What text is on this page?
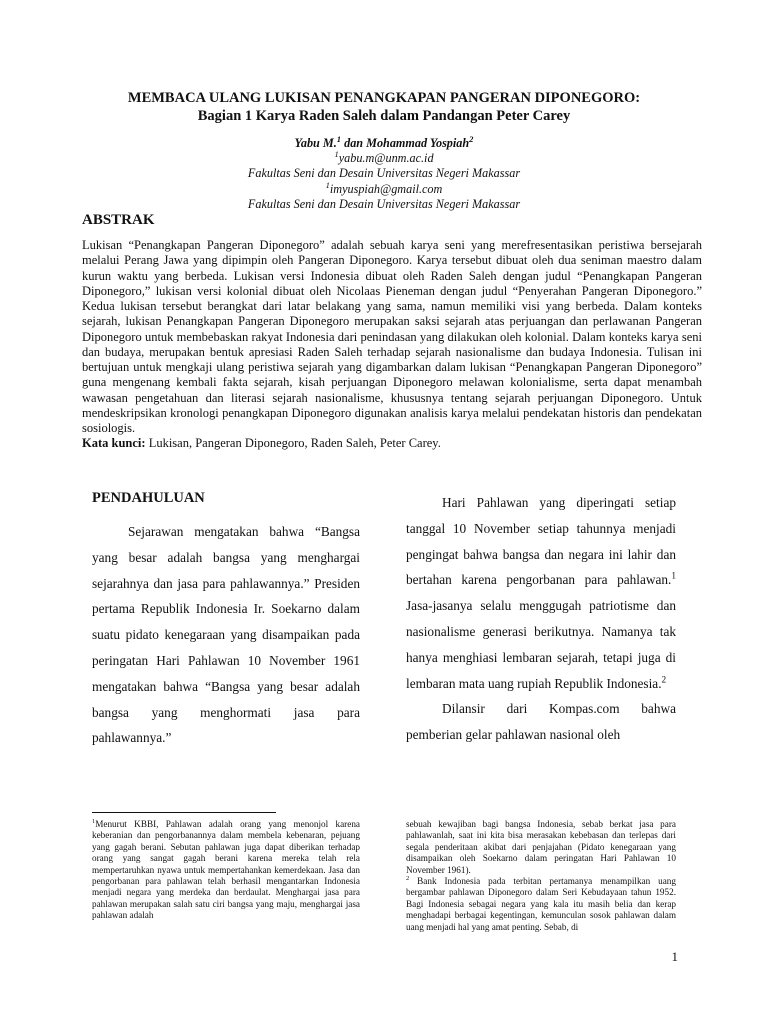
MEMBACA ULANG LUKISAN PENANGKAPAN PANGERAN DIPONEGORO:
Bagian 1 Karya Raden Saleh dalam Pandangan Peter Carey
Yabu M.$^1$ dan Mohammad Yospiah$^2$
$^1$yabu.m@unm.ac.id
Fakultas Seni dan Desain Universitas Negeri Makassar
$^1$imyuspiah@gmail.com
Fakultas Seni dan Desain Universitas Negeri Makassar
ABSTRAK

Lukisan “Penangkapan Pangeran Diponegoro” adalah sebuah karya seni yang merefresentasikan peristiwa bersejarah melalui Perang Jawa yang dipimpin oleh Pangeran Diponegoro. Karya tersebut dibuat oleh dua seniman maestro dalam kurun waktu yang berbeda. Lukisan versi Indonesia dibuat oleh Raden Saleh dengan judul “Penangkapan Pangeran Diponegoro,” lukisan versi kolonial dibuat oleh Nicolaas Pieneman dengan judul “Penyerahan Pangeran Diponegoro.” Kedua lukisan tersebut berangkat dari latar belakang yang sama, namun memiliki visi yang berbeda. Dalam konteks sejarah, lukisan Penangkapan Pangeran Diponegoro merupakan saksi sejarah atas perjuangan dan perlawanan Pangeran Diponegoro untuk membebaskan rakyat Indonesia dari penindasan yang dilakukan oleh kolonial. Dalam konteks karya seni dan budaya, merupakan bentuk apresiasi Raden Saleh terhadap sejarah nasionalisme dan budaya Indonesia. Tulisan ini bertujuan untuk mengkaji ulang peristiwa sejarah yang digambarkan dalam lukisan “Penangkapan Pangeran Diponegoro” guna mengenang kembali fakta sejarah, kisah perjuangan Diponegoro melawan kolonialisme, serta dapat menambah wawasan pengetahuan dan literasi sejarah nasionalisme, khususnya tentang sejarah perjuangan Diponegoro. Untuk mendeskripsikan kronologi penangkapan Diponegoro digunakan analisis karya melalui pendekatan historis dan pendekatan sosiologis.

Kata kunci: Lukisan, Pangeran Diponegoro, Raden Saleh, Peter Carey.

PENDAHULUAN

Sejarawan mengatakan bahwa “Bangsa yang besar adalah bangsa yang menghargai sejarahnya dan jasa para pahlawannya.” Presiden pertama Republik Indonesia Ir. Soekarno dalam suatu pidato kenegaraan yang disampaikan pada peringatan Hari Pahlawan 10 November 1961 mengatakan bahwa “Bangsa yang besar adalah bangsa yang menghormati jasa para pahlawannya.”

Hari Pahlawan yang diperingati setiap tanggal 10 November setiap tahunnya menjadi pengingat bahwa bangsa dan negara ini lahir dan bertahan karena pengorbanan para pahlawan.$^1$ Jasa-jasanya selalu menggugah patriotisme dan nasionalisme generasi berikutnya. Namanya tak hanya menghiasi lembaran sejarah, tetapi juga di lembaran mata uang rupiah Republik Indonesia.$^2$

Dilansir dari Kompas.com bahwa pemberian gelar pahlawan nasional oleh

$^1$Menurut KBBI, Pahlawan adalah orang yang menonjol karena keberanian dan pengorbanannya dalam membela kebenaran, pejuang yang gagah berani. Sebutan pahlawan juga dapat diberikan terhadap orang yang sangat gagah berani karena mereka telah rela mempertaruhkan nyawa untuk mempertahankan kemerdekaan. Jasa dan pengorbanan para pahlawan telah berhasil mengantarkan Indonesia menjadi negara yang merdeka dan berdaulat. Menghargai jasa para pahlawan merupakan salah satu ciri bangsa yang maju, menghargai jasa pahlawan adalah

sebuah kewajiban bagi bangsa Indonesia, sebab berkat jasa para pahlawanlah, saat ini kita bisa merasakan kebebasan dan terlepas dari segala penderitaan akibat dari penjajahan (Pidato kenegaraan yang disampaikan oleh Soekarno dalam peringatan Hari Pahlawan 10 November 1961).

$^2$ Bank Indonesia pada terbitan pertamanya menampilkan uang bergambar pahlawan Diponegoro dalam Seri Kebudayaan tahun 1952. Bagi Indonesia sebagai negara yang kala itu masih belia dan kerap menghadapi berbagai kegentingan, kemunculan sosok pahlawan dalam uang menjadi hal yang amat penting. Sebab, di

1
